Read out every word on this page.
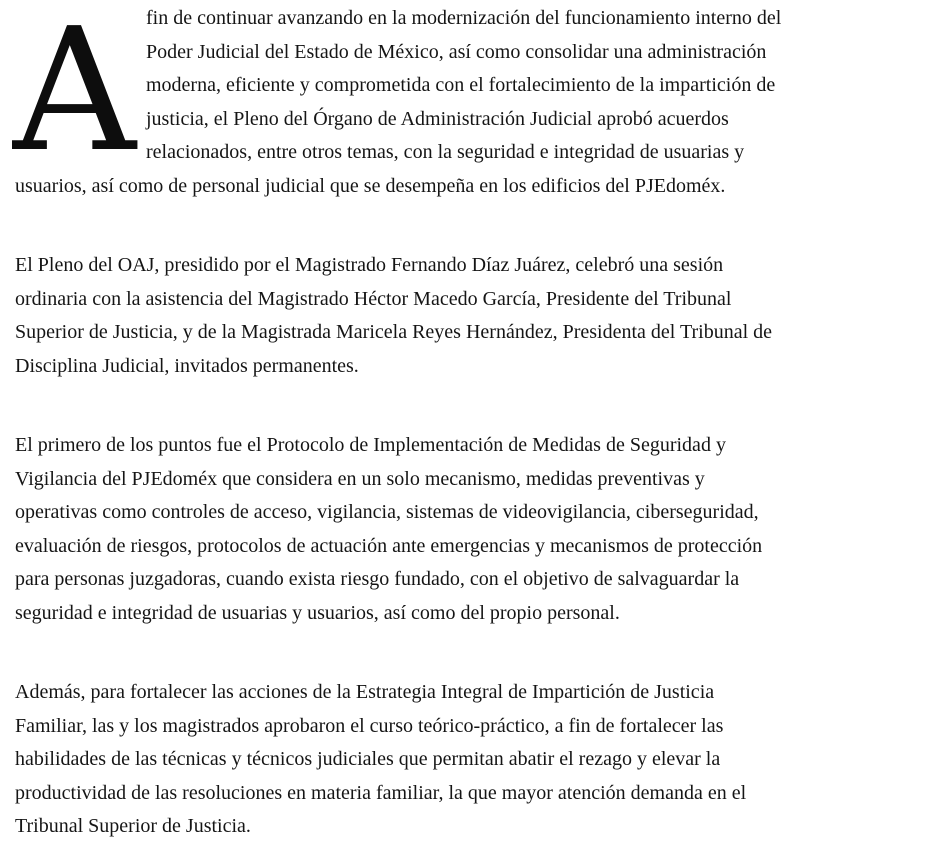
A fin de continuar avanzando en la modernización del funcionamiento interno del
Poder Judicial del Estado de México, así como consolidar una administración
moderna, eficiente y comprometida con el fortalecimiento de la impartición de
justicia, el Pleno del Órgano de Administración Judicial aprobó acuerdos
relacionados, entre otros temas, con la seguridad e integridad de usuarias y
usuarios, así como de personal judicial que se desempeña en los edificios del PJEdoméx.

El Pleno del OAJ, presidido por el Magistrado Fernando Díaz Juárez, celebró una sesión
ordinaria con la asistencia del Magistrado Héctor Macedo García, Presidente del Tribunal
Superior de Justicia, y de la Magistrada Maricela Reyes Hernández, Presidenta del Tribunal de
Disciplina Judicial, invitados permanentes.

El primero de los puntos fue el Protocolo de Implementación de Medidas de Seguridad y
Vigilancia del PJEdoméx que considera en un solo mecanismo, medidas preventivas y
operativas como controles de acceso, vigilancia, sistemas de videovigilancia, ciberseguridad,
evaluación de riesgos, protocolos de actuación ante emergencias y mecanismos de protección
para personas juzgadoras, cuando exista riesgo fundado, con el objetivo de salvaguardar la
seguridad e integridad de usuarias y usuarios, así como del propio personal.

Además, para fortalecer las acciones de la Estrategia Integral de Impartición de Justicia
Familiar, las y los magistrados aprobaron el curso teórico-práctico, a fin de fortalecer las
habilidades de las técnicas y técnicos judiciales que permitan abatir el rezago y elevar la
productividad de las resoluciones en materia familiar, la que mayor atención demanda en el
Tribunal Superior de Justicia.
